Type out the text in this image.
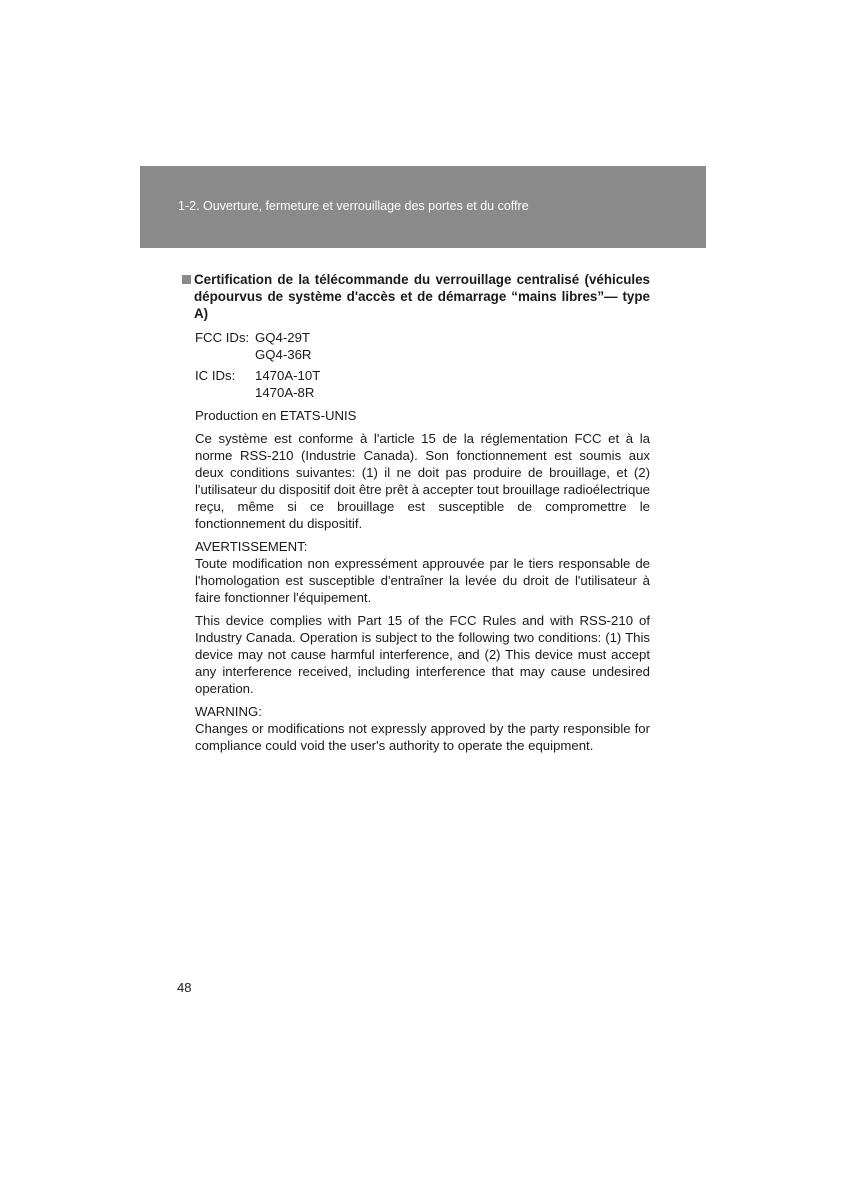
1-2. Ouverture, fermeture et verrouillage des portes et du coffre
Certification de la télécommande du verrouillage centralisé (véhicules dépourvus de système d'accès et de démarrage “mains libres”— type A)
FCC IDs: GQ4-29T
GQ4-36R
IC IDs:	1470A-10T
1470A-8R

Production en ETATS-UNIS

Ce système est conforme à l'article 15 de la réglementation FCC et à la norme RSS-210 (Industrie Canada). Son fonctionnement est soumis aux deux conditions suivantes: (1) il ne doit pas produire de brouillage, et (2) l'utilisateur du dispositif doit être prêt à accepter tout brouillage radioélectrique reçu, même si ce brouillage est susceptible de compromettre le fonctionnement du dispositif.

AVERTISSEMENT:

Toute modification non expressément approuvée par le tiers responsable de l'homologation est susceptible d'entraîner la levée du droit de l'utilisateur à faire fonctionner l'équipement.

This device complies with Part 15 of the FCC Rules and with RSS-210 of Industry Canada. Operation is subject to the following two conditions: (1) This device may not cause harmful interference, and (2) This device must accept any interference received, including interference that may cause undesired operation.

WARNING:

Changes or modifications not expressly approved by the party responsible for compliance could void the user's authority to operate the equipment.

48
